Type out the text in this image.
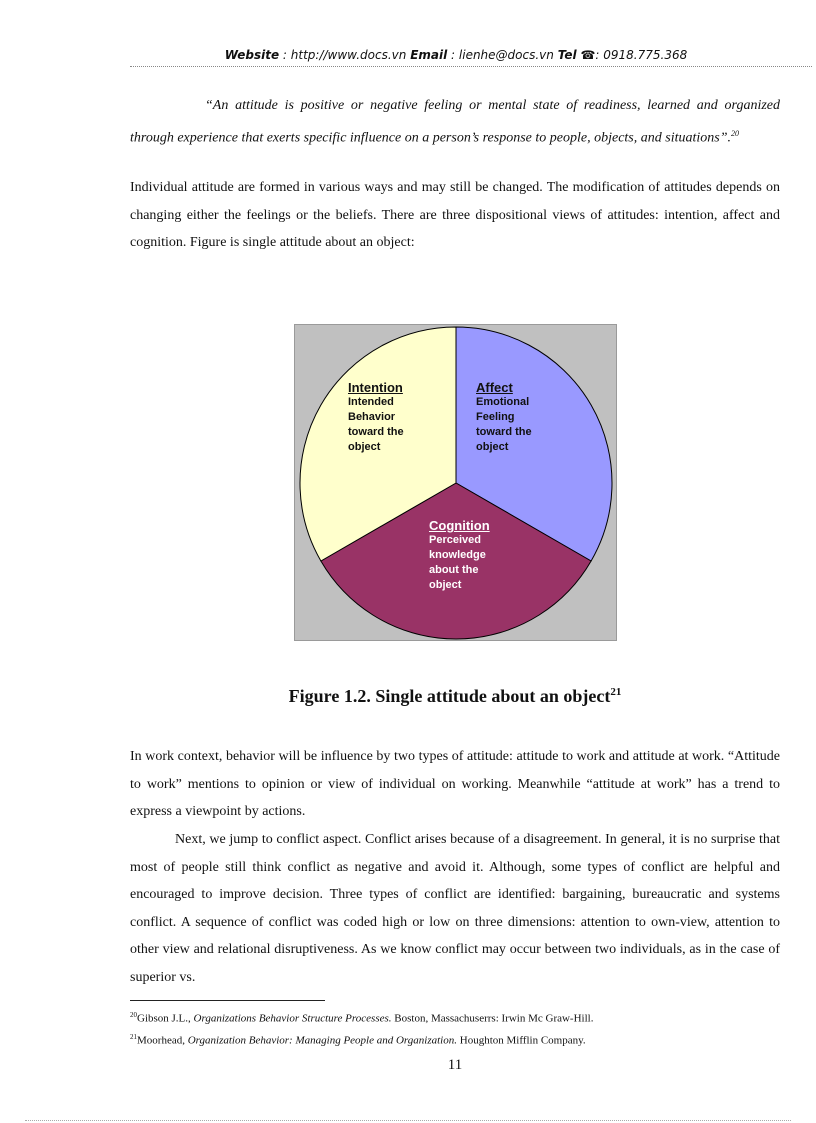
Website : http://www.docs.vn Email : lienhe@docs.vn Tel ☎: 0918.775.368
“An attitude is positive or negative feeling or mental state of readiness, learned and organized through experience that exerts specific influence on a person’s response to people, objects, and situations”.$^{20}$
Individual attitude are formed in various ways and may still be changed. The modification of attitudes depends on changing either the feelings or the beliefs. There are three dispositional views of attitudes: intention, affect and cognition. Figure is single attitude about an object:
Intention
Intended
Behavior
toward the
object
Affect
Emotional
Feeling
toward the
object
Cognition
Perceived
knowledge
about the
object
Figure 1.2. Single attitude about an object$^{21}$
In work context, behavior will be influence by two types of attitude: attitude to work and attitude at work. “Attitude to work” mentions to opinion or view of individual on working. Meanwhile “attitude at work” has a trend to express a viewpoint by actions.
Next, we jump to conflict aspect. Conflict arises because of a disagreement. In general, it is no surprise that most of people still think conflict as negative and avoid it. Although, some types of conflict are helpful and encouraged to improve decision. Three types of conflict are identified: bargaining, bureaucratic and systems conflict. A sequence of conflict was coded high or low on three dimensions: attention to own-view, attention to other view and relational disruptiveness. As we know conflict may occur between two individuals, as in the case of superior vs.
$^{20}$Gibson J.L., Organizations Behavior Structure Processes. Boston, Massachuserrs: Irwin Mc Graw-Hill.
$^{21}$Moorhead, Organization Behavior: Managing People and Organization. Houghton Mifflin Company.
11
